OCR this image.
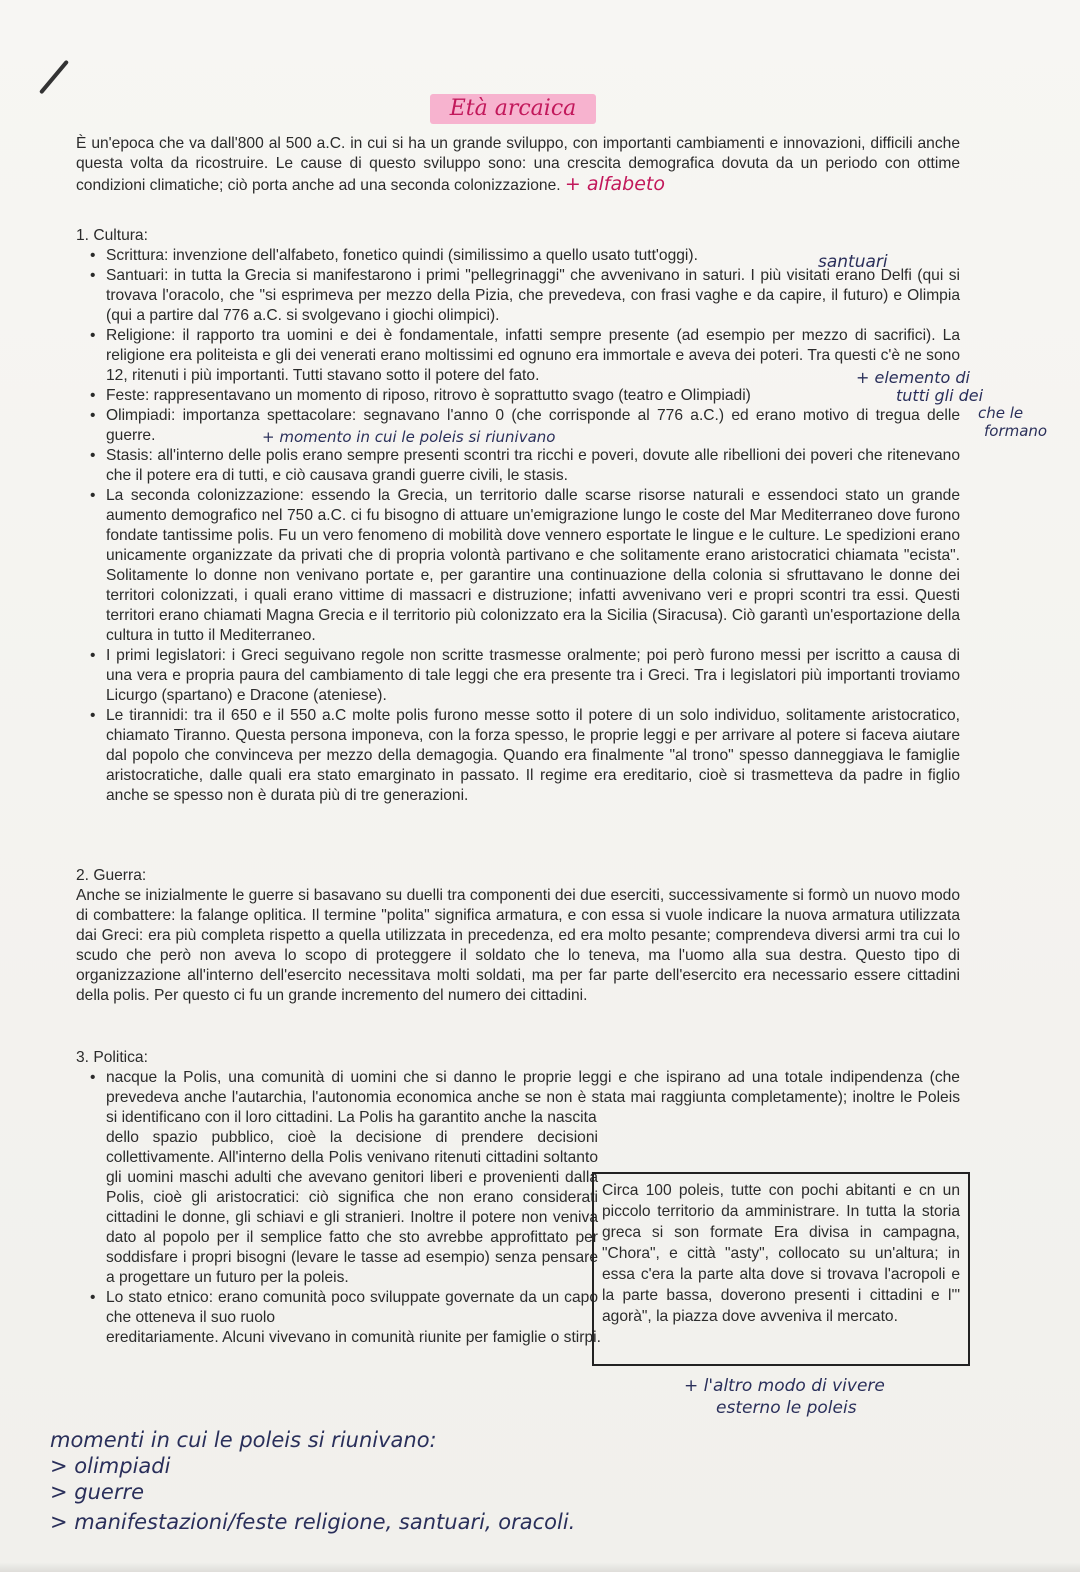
Età arcaica
È un'epoca che va dall'800 al 500 a.C. in cui si ha un grande sviluppo, con importanti cambiamenti e innovazioni, difficili anche questa volta da ricostruire. Le cause di questo sviluppo sono: una crescita demografica dovuta da un periodo con ottime condizioni climatiche; ciò porta anche ad una seconda colonizzazione. + alfabeto
1. Cultura:
• Scrittura: invenzione dell'alfabeto, fonetico quindi (similissimo a quello usato tutt'oggi).
• Santuari: in tutta la Grecia si manifestarono i primi "pellegrinaggi" che avvenivano in saturi. I più visitati erano Delfi (qui si trovava l'oracolo, che "si esprimeva per mezzo della Pizia, che prevedeva, con frasi vaghe e da capire, il futuro) e Olimpia (qui a partire dal 776 a.C. si svolgevano i giochi olimpici).
• Religione: il rapporto tra uomini e dei è fondamentale, infatti sempre presente (ad esempio per mezzo di sacrifici). La religione era politeista e gli dei venerati erano moltissimi ed ognuno era immortale e aveva dei poteri. Tra questi c'è ne sono 12, ritenuti i più importanti. Tutti stavano sotto il potere del fato.
• Feste: rappresentavano un momento di riposo, ritrovo è soprattutto svago (teatro e Olimpiadi)
• Olimpiadi: importanza spettacolare: segnavano l'anno 0 (che corrisponde al 776 a.C.) ed erano motivo di tregua delle guerre.
• Stasis: all'interno delle polis erano sempre presenti scontri tra ricchi e poveri, dovute alle ribellioni dei poveri che ritenevano che il potere era di tutti, e ciò causava grandi guerre civili, le stasis.
• La seconda colonizzazione: essendo la Grecia, un territorio dalle scarse risorse naturali e essendoci stato un grande aumento demografico nel 750 a.C. ci fu bisogno di attuare un'emigrazione lungo le coste del Mar Mediterraneo dove furono fondate tantissime polis. Fu un vero fenomeno di mobilità dove vennero esportate le lingue e le culture. Le spedizioni erano unicamente organizzate da privati che di propria volontà partivano e che solitamente erano aristocratici chiamata "ecista". Solitamente lo donne non venivano portate e, per garantire una continuazione della colonia si sfruttavano le donne dei territori colonizzati, i quali erano vittime di massacri e distruzione; infatti avvenivano veri e propri scontri tra essi. Questi territori erano chiamati Magna Grecia e il territorio più colonizzato era la Sicilia (Siracusa). Ciò garantì un'esportazione della cultura in tutto il Mediterraneo.
• I primi legislatori: i Greci seguivano regole non scritte trasmesse oralmente; poi però furono messi per iscritto a causa di una vera e propria paura del cambiamento di tale leggi che era presente tra i Greci. Tra i legislatori più importanti troviamo Licurgo (spartano) e Dracone (ateniese).
• Le tirannidi: tra il 650 e il 550 a.C molte polis furono messe sotto il potere di un solo individuo, solitamente aristocratico, chiamato Tiranno. Questa persona imponeva, con la forza spesso, le proprie leggi e per arrivare al potere si faceva aiutare dal popolo che convinceva per mezzo della demagogia. Quando era finalmente "al trono" spesso danneggiava le famiglie aristocratiche, dalle quali era stato emarginato in passato. Il regime era ereditario, cioè si trasmetteva da padre in figlio anche se spesso non è durata più di tre generazioni.
2. Guerra:
Anche se inizialmente le guerre si basavano su duelli tra componenti dei due eserciti, successivamente si formò un nuovo modo di combattere: la falange oplitica. Il termine "polita" significa armatura, e con essa si vuole indicare la nuova armatura utilizzata dai Greci: era più completa rispetto a quella utilizzata in precedenza, ed era molto pesante; comprendeva diversi armi tra cui lo scudo che però non aveva lo scopo di proteggere il soldato che lo teneva, ma l'uomo alla sua destra. Questo tipo di organizzazione all'interno dell'esercito necessitava molti soldati, ma per far parte dell'esercito era necessario essere cittadini della polis. Per questo ci fu un grande incremento del numero dei cittadini.
3. Politica:
• nacque la Polis, una comunità di uomini che si danno le proprie leggi e che ispirano ad una totale indipendenza (che prevedeva anche l'autarchia, l'autonomia economica anche se non è stata mai raggiunta completamente); inoltre le Poleis si identificano con il loro cittadini. La Polis ha garantito anche la nascita
dello spazio pubblico, cioè la decisione di prendere decisioni collettivamente. All'interno della Polis venivano ritenuti cittadini soltanto gli uomini maschi adulti che avevano genitori liberi e provenienti dalla Polis, cioè gli aristocratici: ciò significa che non erano considerati cittadini le donne, gli schiavi e gli stranieri. Inoltre il potere non veniva dato al popolo per il semplice fatto che sto avrebbe approfittato per soddisfare i propri bisogni (levare le tasse ad esempio) senza pensare a progettare un futuro per la poleis.
• Lo stato etnico: erano comunità poco sviluppate governate da un capo che otteneva il suo ruolo
ereditariamente. Alcuni vivevano in comunità riunite per famiglie o stirpi.
Circa 100 poleis, tutte con pochi abitanti e cn un piccolo territorio da amministrare. In tutta la storia greca si son formate Era divisa in campagna, "Chora", e città "asty", collocato su un'altura; in essa c'era la parte alta dove si trovava l'acropoli e la parte bassa, doverono presenti i cittadini e l'" agorà", la piazza dove avveniva il mercato.
santuari
+ elemento di
tutti gli dei
che le
formano
+ momento in cui le poleis si riunivano
+ l'altro modo di vivere
esterno le poleis
momenti in cui le poleis si riunivano:
> olimpiadi
> guerre
> manifestazioni/feste religione, santuari, oracoli.
